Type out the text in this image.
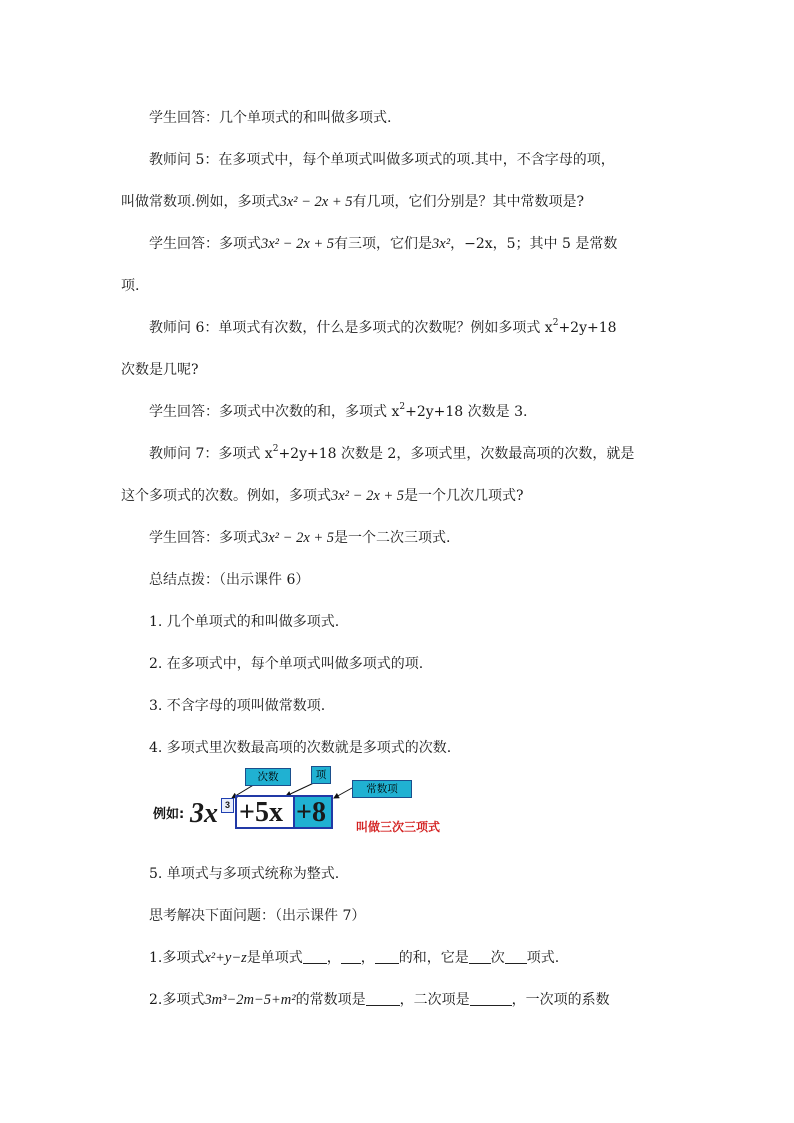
学生回答：几个单项式的和叫做多项式.
教师问 5：在多项式中，每个单项式叫做多项式的项.其中，不含字母的项，
叫做常数项.例如，多项式3x² − 2x + 5有几项，它们分别是？其中常数项是?
学生回答：多项式3x² − 2x + 5有三项，它们是3x²，−2x，5；其中 5 是常数
项.
教师问 6：单项式有次数，什么是多项式的次数呢？例如多项式 $x^2+2y+18$
次数是几呢?
学生回答：多项式中次数的和，多项式 $x^2+2y+18$ 次数是 3.
教师问 7：多项式 $x^2+2y+18$ 次数是 2，多项式里，次数最高项的次数，就是
这个多项式的次数。例如，多项式3x² − 2x + 5是一个几次几项式?
学生回答：多项式3x² − 2x + 5是一个二次三项式.
总结点拨：（出示课件 6）
1. 几个单项式的和叫做多项式.
2. 在多项式中，每个单项式叫做多项式的项.
3. 不含字母的项叫做常数项.
4. 多项式里次数最高项的次数就是多项式的次数.
例如: 3x 3 +5x +8
次数	项
常数项
叫做三次三项式
5. 单项式与多项式统称为整式.
思考解决下面问题：（出示课件 7）
1.多项式x²+y−z是单项式 ， ， 的和，它是 次 项式.
2.多项式3m³−2m−5+m²的常数项是 ，二次项是	，一次项的系数
